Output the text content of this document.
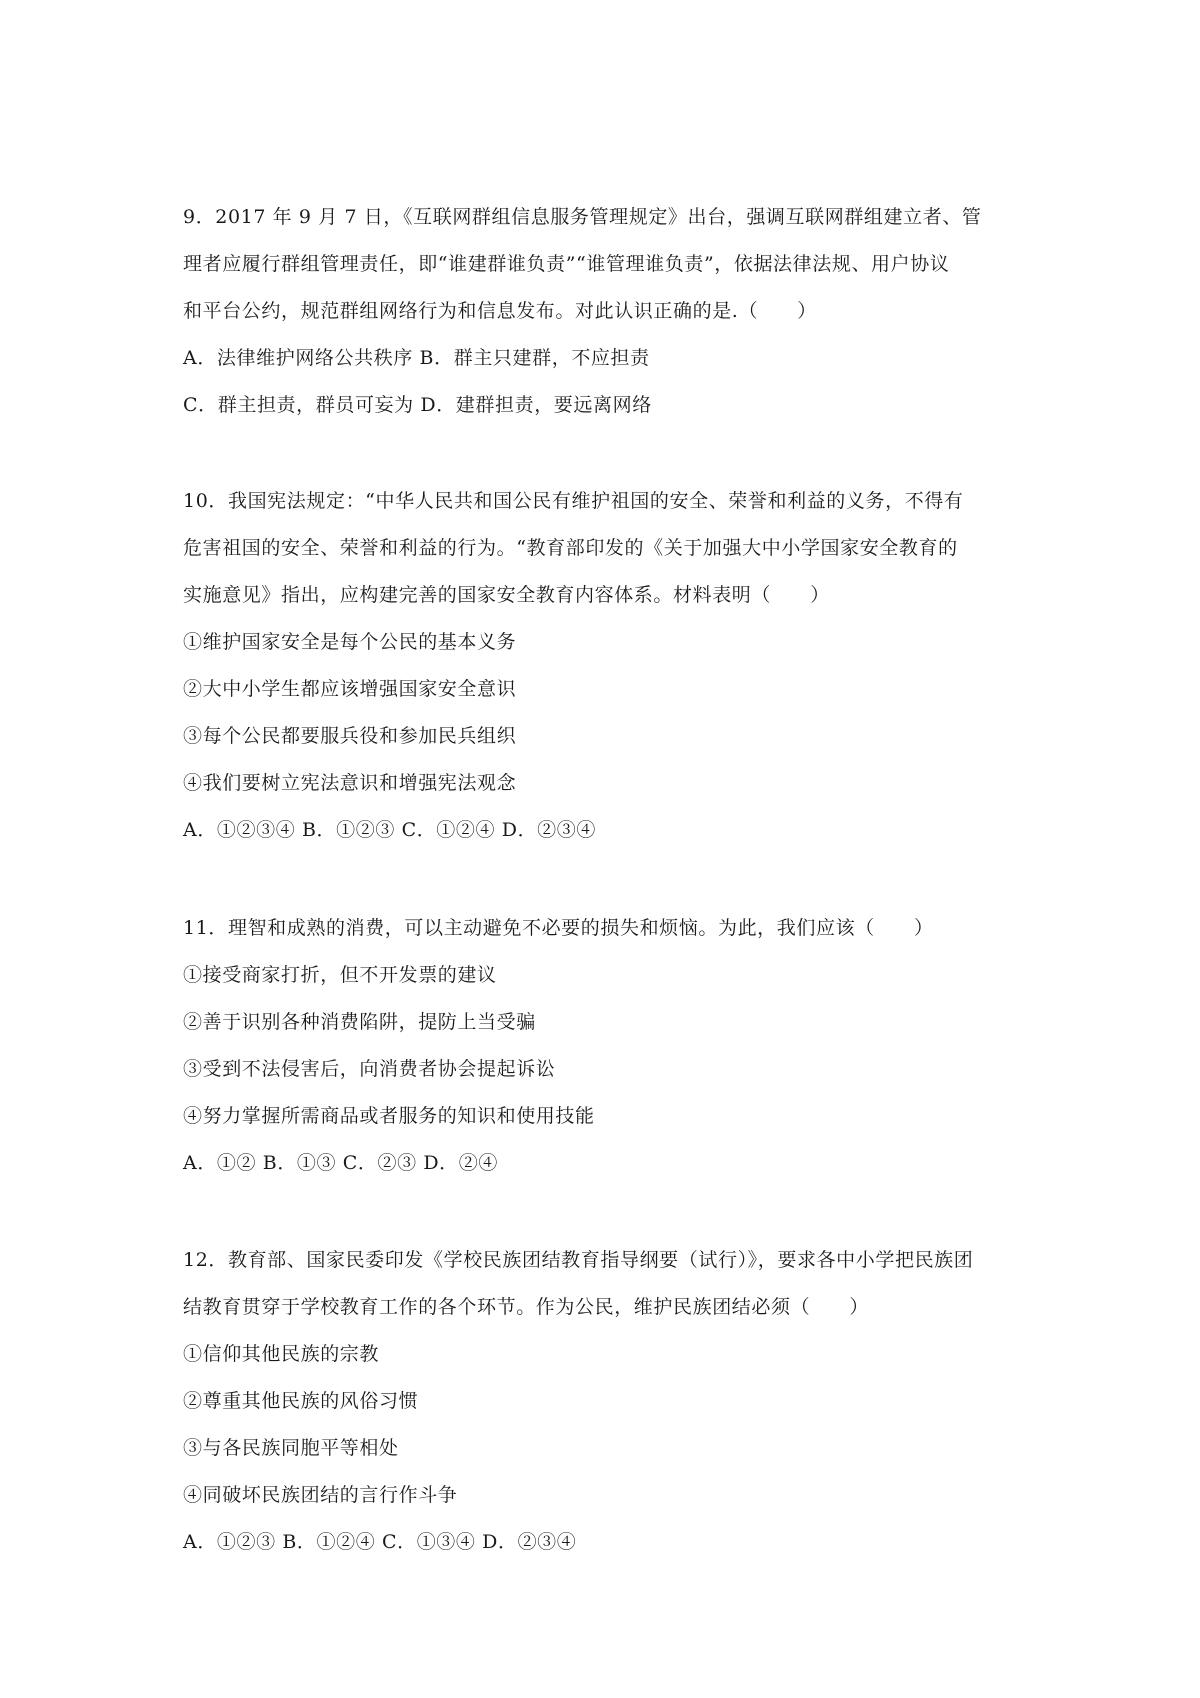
9．2017 年 9 月 7 日，《互联网群组信息服务管理规定》出台，强调互联网群组建立者、管
理者应履行群组管理责任，即“谁建群谁负责”“谁管理谁负责”，依据法律法规、用户协议
和平台公约，规范群组网络行为和信息发布。对此认识正确的是.（　　）
A．法律维护网络公共秩序 B．群主只建群，不应担责
C．群主担责，群员可妄为 D．建群担责，要远离网络
10．我国宪法规定：“中华人民共和国公民有维护祖国的安全、荣誉和利益的义务，不得有
危害祖国的安全、荣誉和利益的行为。“教育部印发的《关于加强大中小学国家安全教育的
实施意见》指出，应构建完善的国家安全教育内容体系。材料表明（　　）
①维护国家安全是每个公民的基本义务
②大中小学生都应该增强国家安全意识
③每个公民都要服兵役和参加民兵组织
④我们要树立宪法意识和增强宪法观念
A．①②③④ B．①②③ C．①②④ D．②③④
11．理智和成熟的消费，可以主动避免不必要的损失和烦恼。为此，我们应该（　　）
①接受商家打折，但不开发票的建议
②善于识别各种消费陷阱，提防上当受骗
③受到不法侵害后，向消费者协会提起诉讼
④努力掌握所需商品或者服务的知识和使用技能
A．①② B．①③ C．②③ D．②④
12．教育部、国家民委印发《学校民族团结教育指导纲要（试行）》，要求各中小学把民族团
结教育贯穿于学校教育工作的各个环节。作为公民，维护民族团结必须（　　）
①信仰其他民族的宗教
②尊重其他民族的风俗习惯
③与各民族同胞平等相处
④同破坏民族团结的言行作斗争
A．①②③ B．①②④ C．①③④ D．②③④
